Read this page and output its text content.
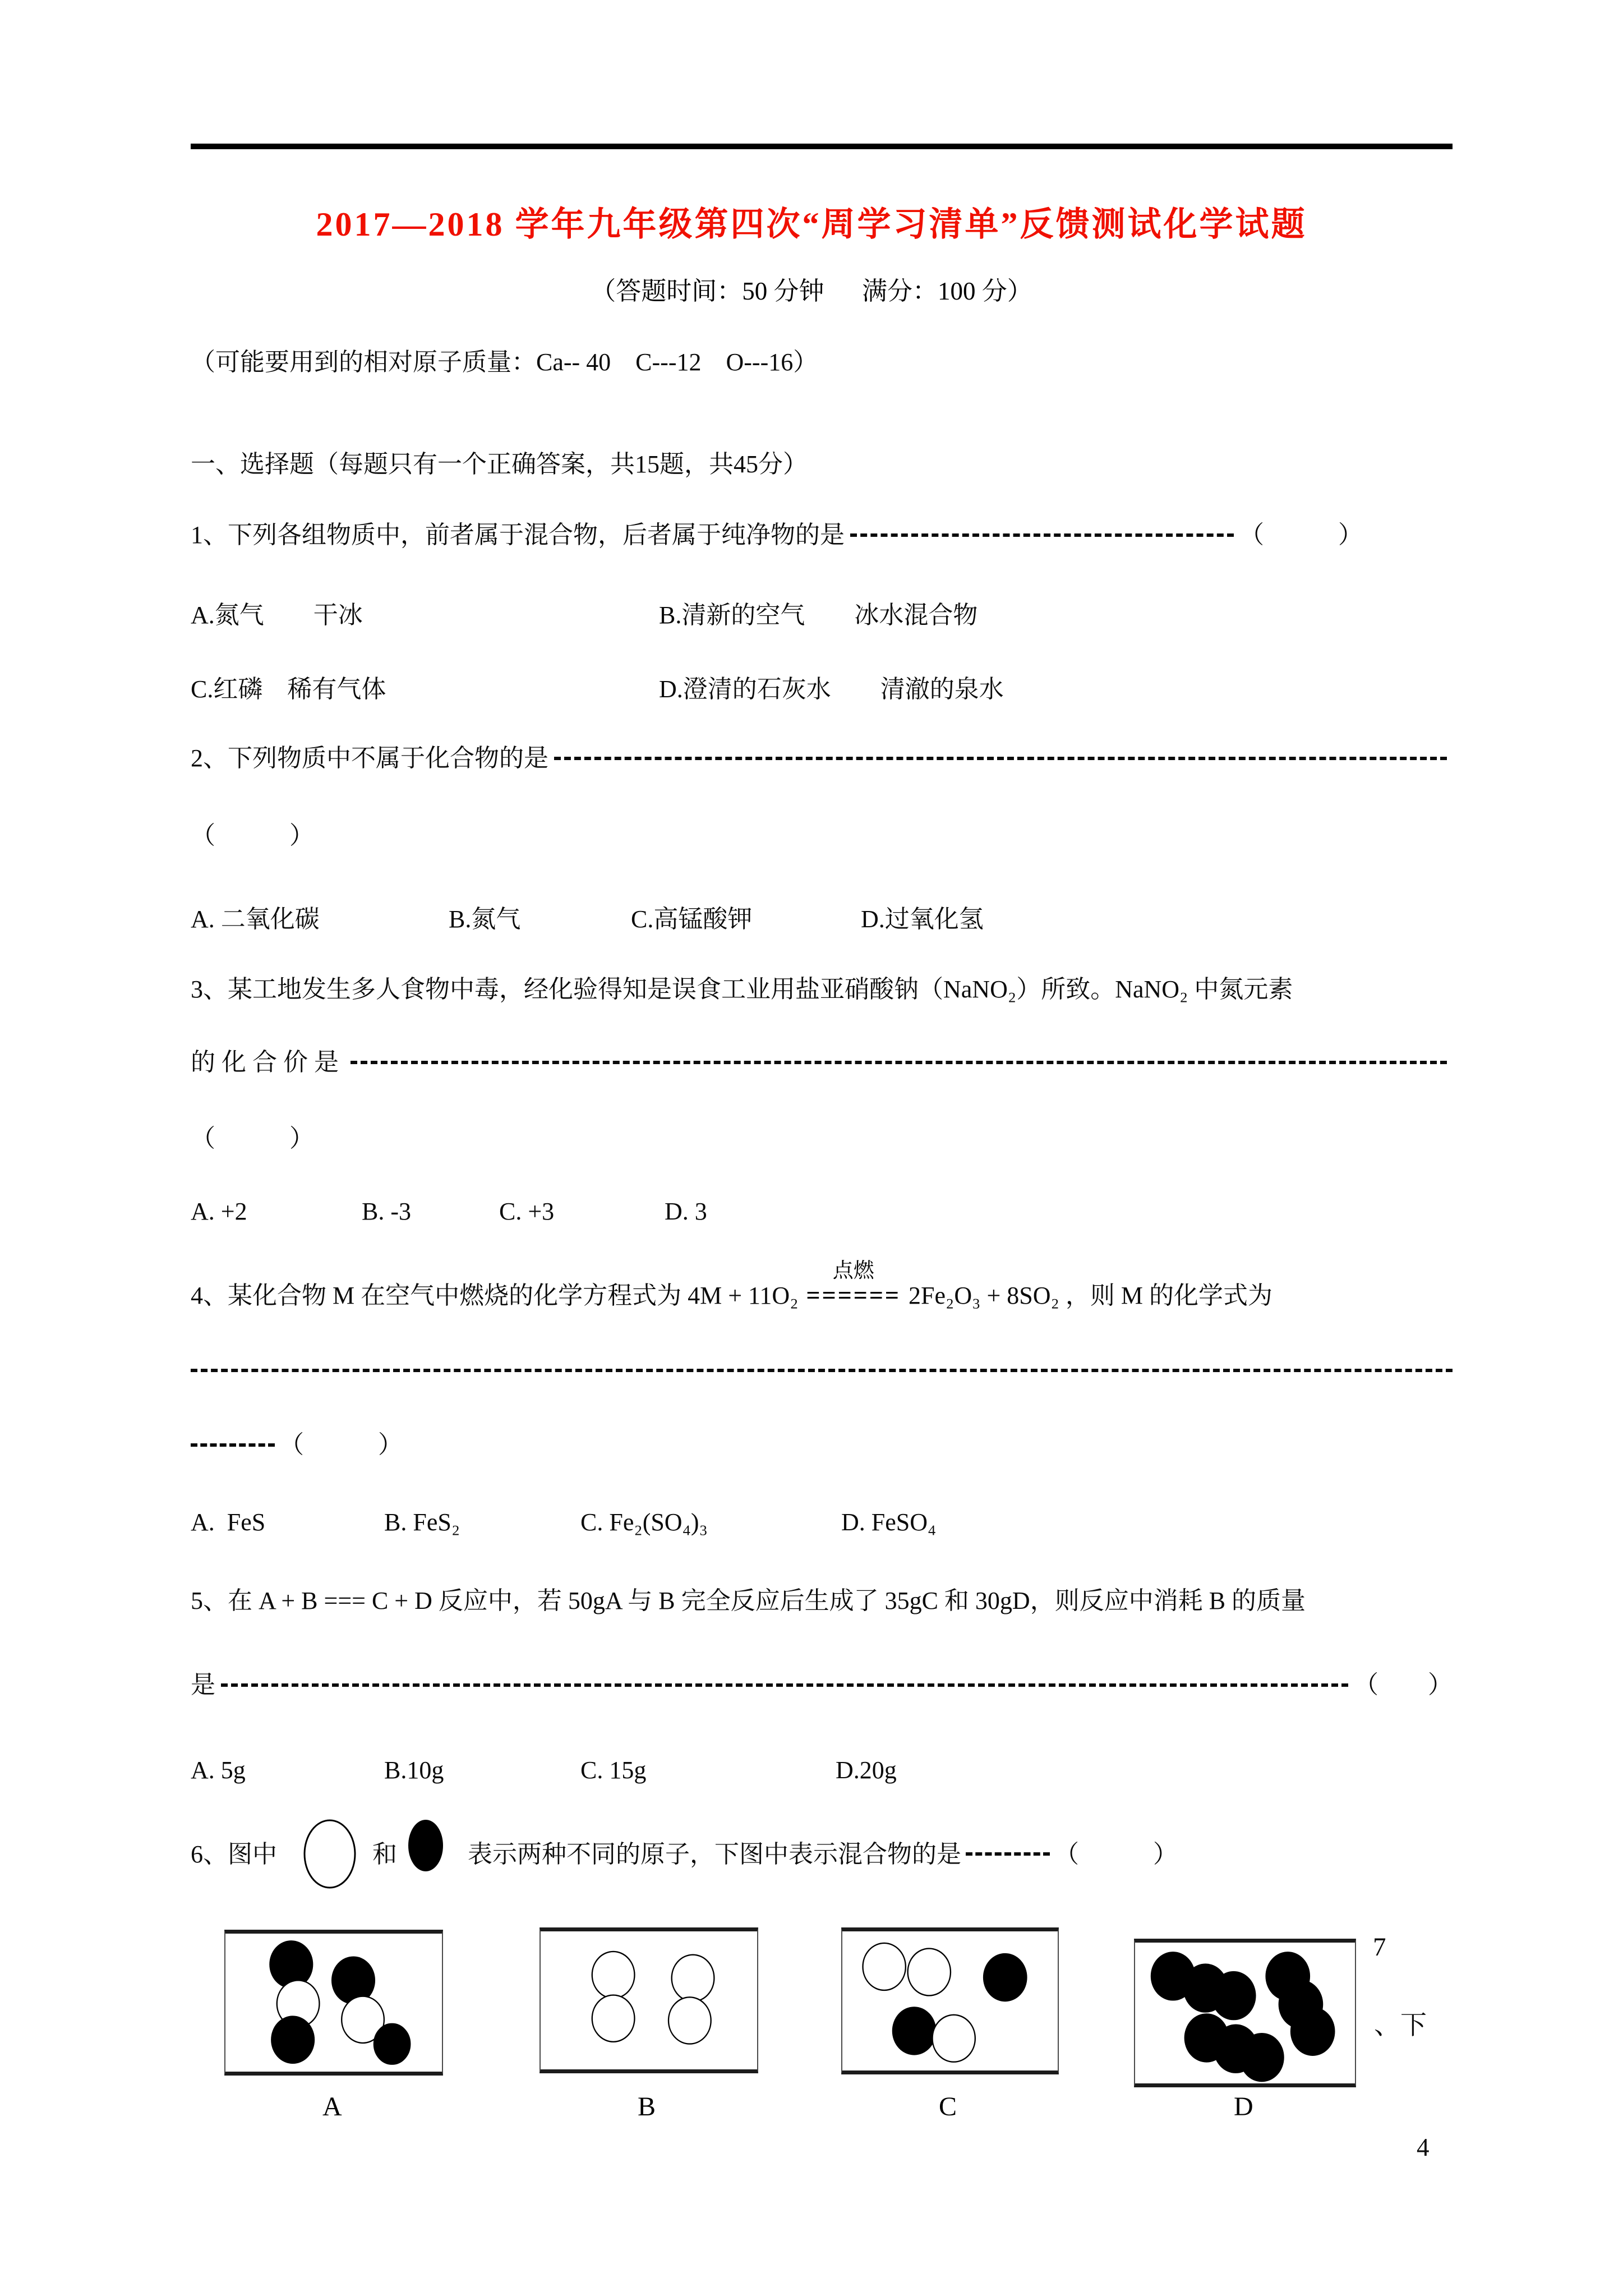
2017—2018 学年九年级第四次“周学习清单”反馈测试化学试题
（答题时间：50 分钟      满分：100 分）
（可能要用到的相对原子质量：Ca-- 40    C---12    O---16）
一、选择题（每题只有一个正确答案，共15题，共45分）
1、下列各组物质中，前者属于混合物，后者属于纯净物的是	（　　　）
A.氮气　　干冰	B.清新的空气　　冰水混合物
C.红磷　稀有气体	D.澄清的石灰水　　清澈的泉水
2、下列物质中不属于化合物的是
（　　　）
A. 二氧化碳	B.氮气	C.高锰酸钾	D.过氧化氢
3、某工地发生多人食物中毒，经化验得知是误食工业用盐亚硝酸钠（NaNO₂）所致。NaNO₂ 中氮元素
的 化 合 价 是
（　　　）
A. +2	B. -3	C. +3	D. 3
4、某化合物 M 在空气中燃烧的化学方程式为 4M + 11O₂
点燃
====== 2Fe₂O₃ + 8SO₂ ，则 M 的化学式为
（　　　）
A.  FeS	B. FeS₂	C. Fe₂(SO₄)₃	D. FeSO₄
5、在 A + B === C + D 反应中，若 50gA 与 B 完全反应后生成了 35gC 和 30gD，则反应中消耗 B 的质量
是	（　　）
A. 5g	B.10g	C. 15g	D.20g
6、图中	和	表示两种不同的原子，下图中表示混合物的是	（　　　）
A	B	C	D
7
、下
4
